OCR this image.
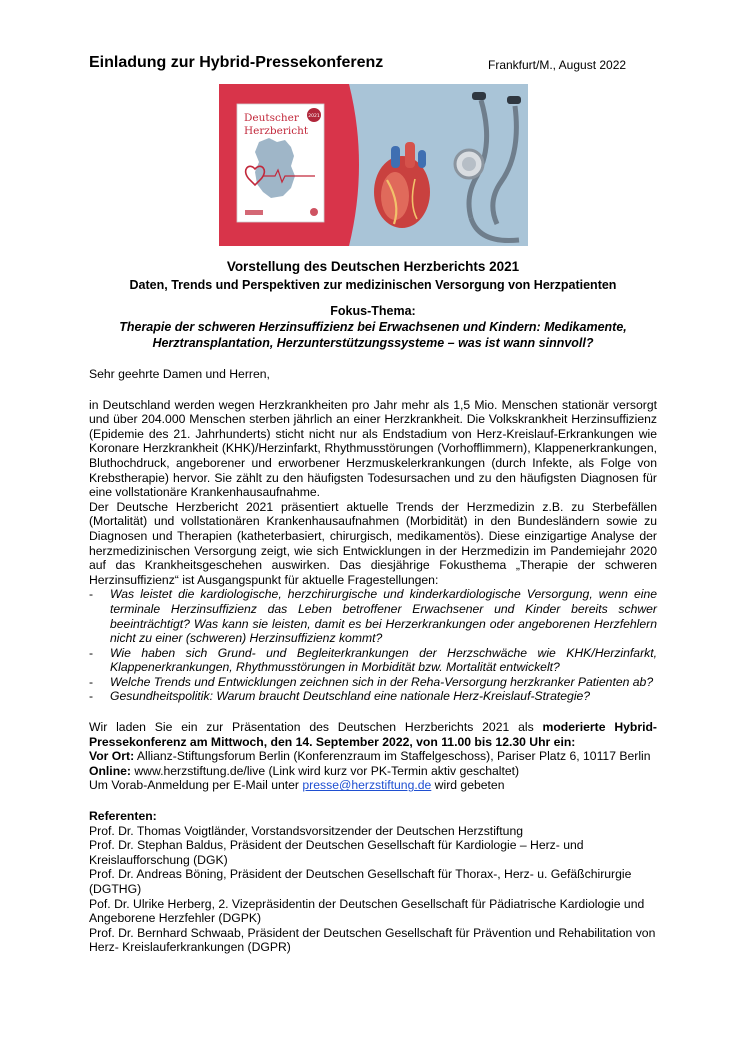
Einladung zur Hybrid-Pressekonferenz	Frankfurt/M., August 2022
Deutscher
Herzbericht
2021
Vorstellung des Deutschen Herzberichts 2021
Daten, Trends und Perspektiven zur medizinischen Versorgung von Herzpatienten
Fokus-Thema:
Therapie der schweren Herzinsuffizienz bei Erwachsenen und Kindern: Medikamente, Herztransplantation, Herzunterstützungssysteme – was ist wann sinnvoll?

Sehr geehrte Damen und Herren,

in Deutschland werden wegen Herzkrankheiten pro Jahr mehr als 1,5 Mio. Menschen stationär versorgt und über 204.000 Menschen sterben jährlich an einer Herzkrankheit. Die Volkskrankheit Herzinsuffizienz (Epidemie des 21. Jahrhunderts) sticht nicht nur als Endstadium von Herz-Kreislauf-Erkrankungen wie Koronare Herzkrankheit (KHK)/Herzinfarkt, Rhythmusstörungen (Vorhofflimmern), Klappenerkrankungen, Bluthochdruck, angeborener und erworbener Herzmuskelerkrankungen (durch Infekte, als Folge von Krebstherapie) hervor. Sie zählt zu den häufigsten Todesursachen und zu den häufigsten Diagnosen für eine vollstationäre Krankenhausaufnahme.

Der Deutsche Herzbericht 2021 präsentiert aktuelle Trends der Herzmedizin z.B. zu Sterbefällen (Mortalität) und vollstationären Krankenhausaufnahmen (Morbidität) in den Bundesländern sowie zu Diagnosen und Therapien (katheterbasiert, chirurgisch, medikamentös). Diese einzigartige Analyse der herzmedizinischen Versorgung zeigt, wie sich Entwicklungen in der Herzmedizin im Pandemiejahr 2020 auf das Krankheitsgeschehen auswirken. Das diesjährige Fokusthema „Therapie der schweren Herzinsuffizienz“ ist Ausgangspunkt für aktuelle Fragestellungen:

- Was leistet die kardiologische, herzchirurgische und kinderkardiologische Versorgung, wenn eine terminale Herzinsuffizienz das Leben betroffener Erwachsener und Kinder bereits schwer beeinträchtigt? Was kann sie leisten, damit es bei Herzerkrankungen oder angeborenen Herzfehlern nicht zu einer (schweren) Herzinsuffizienz kommt?
- Wie haben sich Grund- und Begleiterkrankungen der Herzschwäche wie KHK/Herzinfarkt, Klappenerkrankungen, Rhythmusstörungen in Morbidität bzw. Mortalität entwickelt?
- Welche Trends und Entwicklungen zeichnen sich in der Reha-Versorgung herzkranker Patienten ab?
- Gesundheitspolitik: Warum braucht Deutschland eine nationale Herz-Kreislauf-Strategie?

Wir laden Sie ein zur Präsentation des Deutschen Herzberichts 2021 als moderierte Hybrid-Pressekonferenz am Mittwoch, den 14. September 2022, von 11.00 bis 12.30 Uhr ein:

Vor Ort: Allianz-Stiftungsforum Berlin (Konferenzraum im Staffelgeschoss), Pariser Platz 6, 10117 Berlin

Online: www.herzstiftung.de/live (Link wird kurz vor PK-Termin aktiv geschaltet)

Um Vorab-Anmeldung per E-Mail unter presse@herzstiftung.de wird gebeten

Referenten:

Prof. Dr. Thomas Voigtländer, Vorstandsvorsitzender der Deutschen Herzstiftung

Prof. Dr. Stephan Baldus, Präsident der Deutschen Gesellschaft für Kardiologie – Herz- und Kreislaufforschung (DGK)

Prof. Dr. Andreas Böning, Präsident der Deutschen Gesellschaft für Thorax-, Herz- u. Gefäßchirurgie (DGTHG)

Pof. Dr. Ulrike Herberg, 2. Vizepräsidentin der Deutschen Gesellschaft für Pädiatrische Kardiologie und Angeborene Herzfehler (DGPK)

Prof. Dr. Bernhard Schwaab, Präsident der Deutschen Gesellschaft für Prävention und Rehabilitation von Herz- Kreislauferkrankungen (DGPR)
